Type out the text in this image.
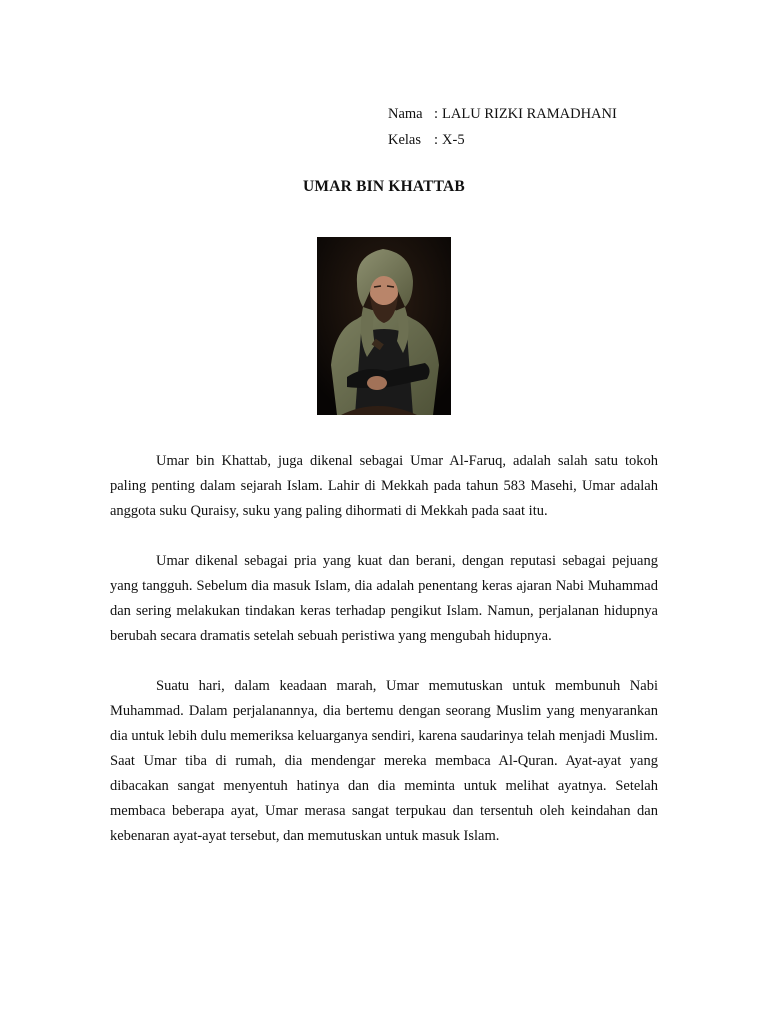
Nama : LALU RIZKI RAMADHANI
Kelas : X-5
UMAR BIN KHATTAB

Umar bin Khattab, juga dikenal sebagai Umar Al-Faruq, adalah salah satu tokoh paling penting dalam sejarah Islam. Lahir di Mekkah pada tahun 583 Masehi, Umar adalah anggota suku Quraisy, suku yang paling dihormati di Mekkah pada saat itu.

Umar dikenal sebagai pria yang kuat dan berani, dengan reputasi sebagai pejuang yang tangguh. Sebelum dia masuk Islam, dia adalah penentang keras ajaran Nabi Muhammad dan sering melakukan tindakan keras terhadap pengikut Islam. Namun, perjalanan hidupnya berubah secara dramatis setelah sebuah peristiwa yang mengubah hidupnya.

Suatu hari, dalam keadaan marah, Umar memutuskan untuk membunuh Nabi Muhammad. Dalam perjalanannya, dia bertemu dengan seorang Muslim yang menyarankan dia untuk lebih dulu memeriksa keluarganya sendiri, karena saudarinya telah menjadi Muslim. Saat Umar tiba di rumah, dia mendengar mereka membaca Al-Quran. Ayat-ayat yang dibacakan sangat menyentuh hatinya dan dia meminta untuk melihat ayatnya. Setelah membaca beberapa ayat, Umar merasa sangat terpukau dan tersentuh oleh keindahan dan kebenaran ayat-ayat tersebut, dan memutuskan untuk masuk Islam.
